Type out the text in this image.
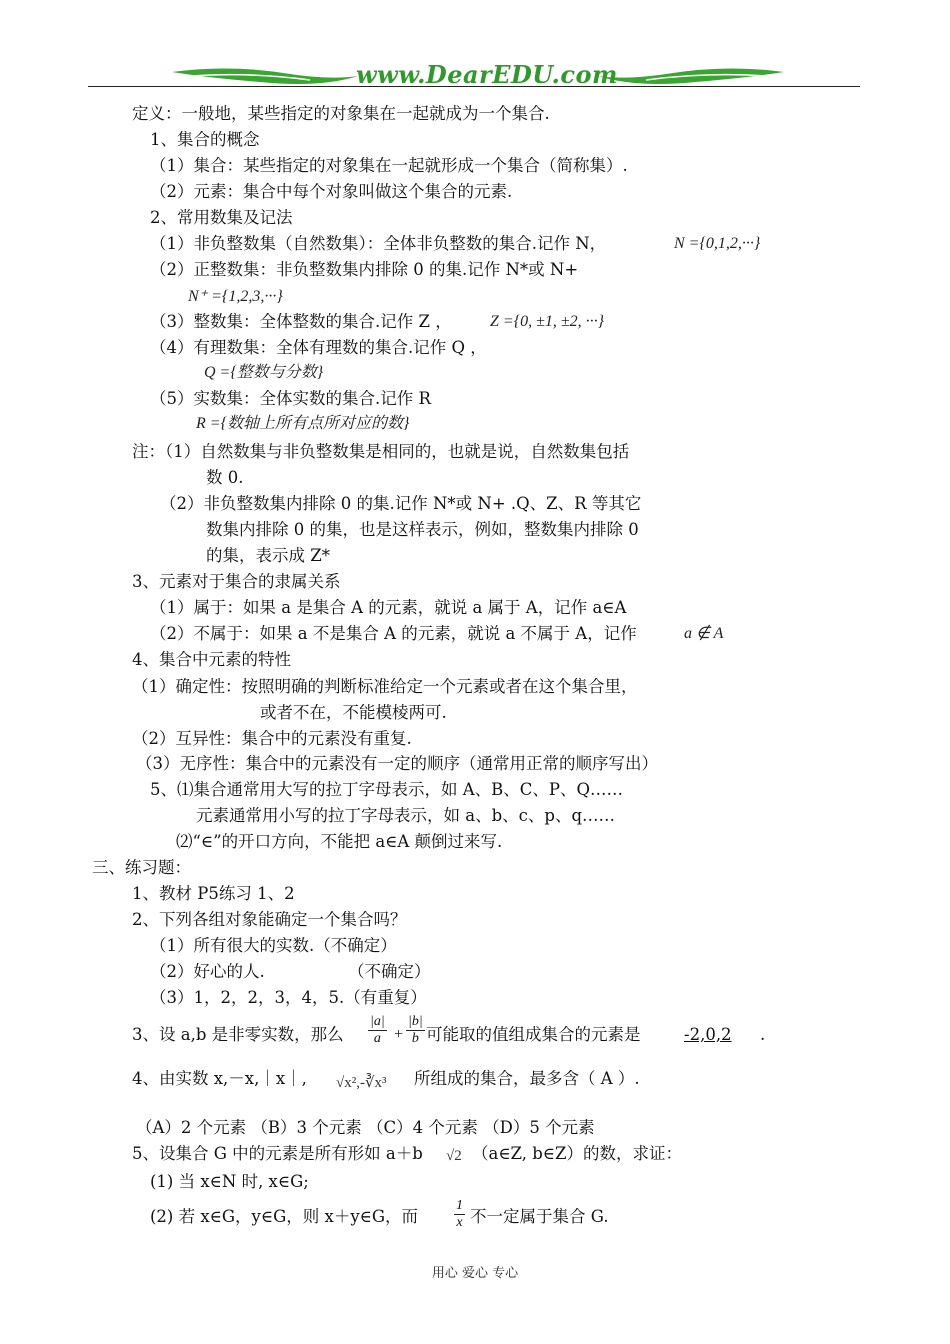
www.DearEDU.com
定义：一般地，某些指定的对象集在一起就成为一个集合.
1、集合的概念
（1）集合：某些指定的对象集在一起就形成一个集合（简称集）.
（2）元素：集合中每个对象叫做这个集合的元素.
2、常用数集及记法
（1）非负整数集（自然数集）：全体非负整数的集合.记作 N，	N ={0,1,2,···}
（2）正整数集：非负整数集内排除 0 的集.记作 N*或 N+
N⁺ ={1,2,3,···}
（3）整数集：全体整数的集合.记作 Z ， Z ={0, ±1, ±2, ···}
（4）有理数集：全体有理数的集合.记作 Q ，
Q ={整数与分数}
（5）实数集：全体实数的集合.记作 R
R ={数轴上所有点所对应的数}
注：（1）自然数集与非负整数集是相同的，也就是说，自然数集包括
数 0.
（2）非负整数集内排除 0 的集.记作 N*或 N+ .Q、Z、R 等其它
数集内排除 0 的集，也是这样表示，例如，整数集内排除 0
的集，表示成 Z*
3、元素对于集合的隶属关系
（1）属于：如果 a 是集合 A 的元素，就说 a 属于 A，记作 a∈A
（2）不属于：如果 a 不是集合 A 的元素，就说 a 不属于 A，记作	a ∉ A
4、集合中元素的特性
（1）确定性：按照明确的判断标准给定一个元素或者在这个集合里，
或者不在，不能模棱两可.
（2）互异性：集合中的元素没有重复.
（3）无序性：集合中的元素没有一定的顺序（通常用正常的顺序写出）
5、⑴集合通常用大写的拉丁字母表示，如 A、B、C、P、Q……
元素通常用小写的拉丁字母表示，如 a、b、c、p、q……
⑵“∈”的开口方向，不能把 a∈A 颠倒过来写.
三、练习题：
1、教材 P5练习 1、2
2、下列各组对象能确定一个集合吗？
（1）所有很大的实数.（不确定）
（2）好心的人.	（不确定）
（3）1，2，2，3，4，5.（有重复）
3、设 a,b 是非零实数，那么 $\frac{|a|}{a} + \frac{|b|}{b}$ 可能取的值组成集合的元素是	-2,0,2 .
4、由实数 x,－x,｜x｜, √x²,-∛x³ 所组成的集合，最多含（ A ）.
（A）2 个元素 （B）3 个元素 （C）4 个元素 （D）5 个元素
5、设集合 G 中的元素是所有形如 a＋b √2 （a∈Z, b∈Z）的数，求证：
(1) 当 x∈N 时, x∈G;
(2) 若 x∈G，y∈G，则 x＋y∈G，而	$\frac{1}{x}$ 不一定属于集合 G.
用心 爱心 专心
